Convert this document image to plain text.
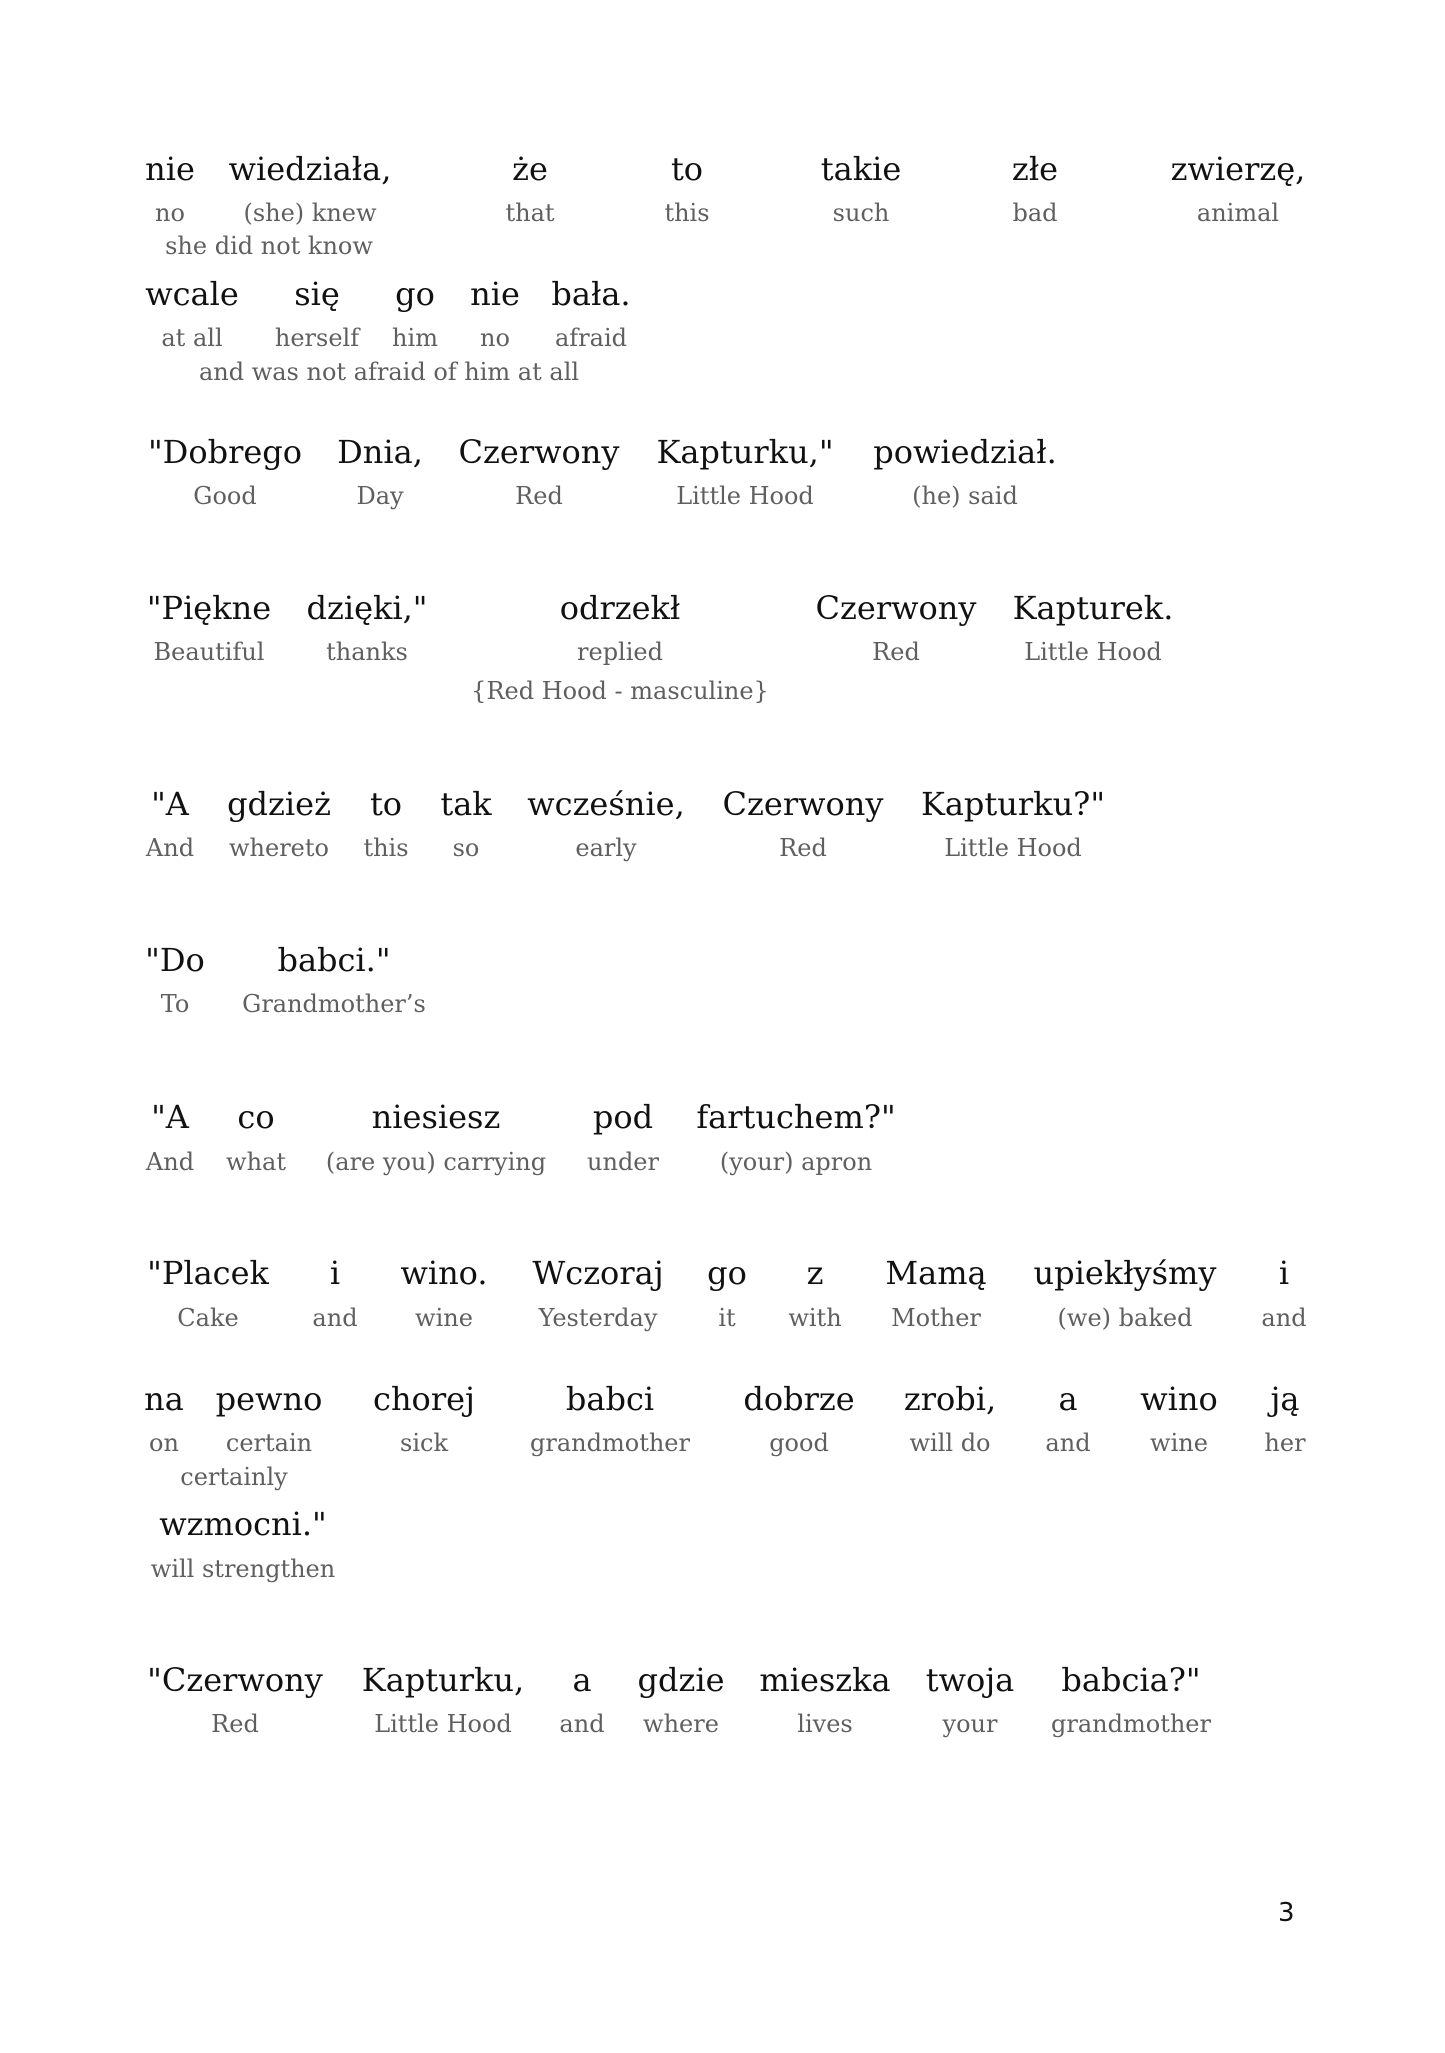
nie
no
wiedziała,
(she) knew
że
that
to
this
takie
such
złe
bad
zwierzę,
animal
she did not know
wcale
at all
się
herself
go
him
nie
no
bała.
afraid
and was not afraid of him at all
"Dobrego
Good
Dnia,
Day
Czerwony
Red
Kapturku,"
Little Hood
powiedział.
(he) said
"Piękne
Beautiful
dzięki,"
thanks
odrzekł
replied
Czerwony
Red
Kapturek.
Little Hood
{Red Hood - masculine}
"A
And
gdzież
whereto
to
this
tak
so
wcześnie,
early
Czerwony
Red
Kapturku?"
Little Hood
"Do
To
babci."
Grandmother’s
"A
And
co
what
niesiesz
(are you) carrying
pod
under
fartuchem?"
(your) apron
"Placek
Cake
i
and
wino.
wine
Wczoraj
Yesterday
go
it
z
with
Mamą
Mother
upiekłyśmy
(we) baked
i
and
na
on
pewno
certain
chorej
sick
babci
grandmother
dobrze
good
zrobi,
will do
a
and
wino
wine
ją
her
certainly
wzmocni."
will strengthen
"Czerwony
Red
Kapturku,
Little Hood
a
and
gdzie
where
mieszka
lives
twoja
your
babcia?"
grandmother
3
